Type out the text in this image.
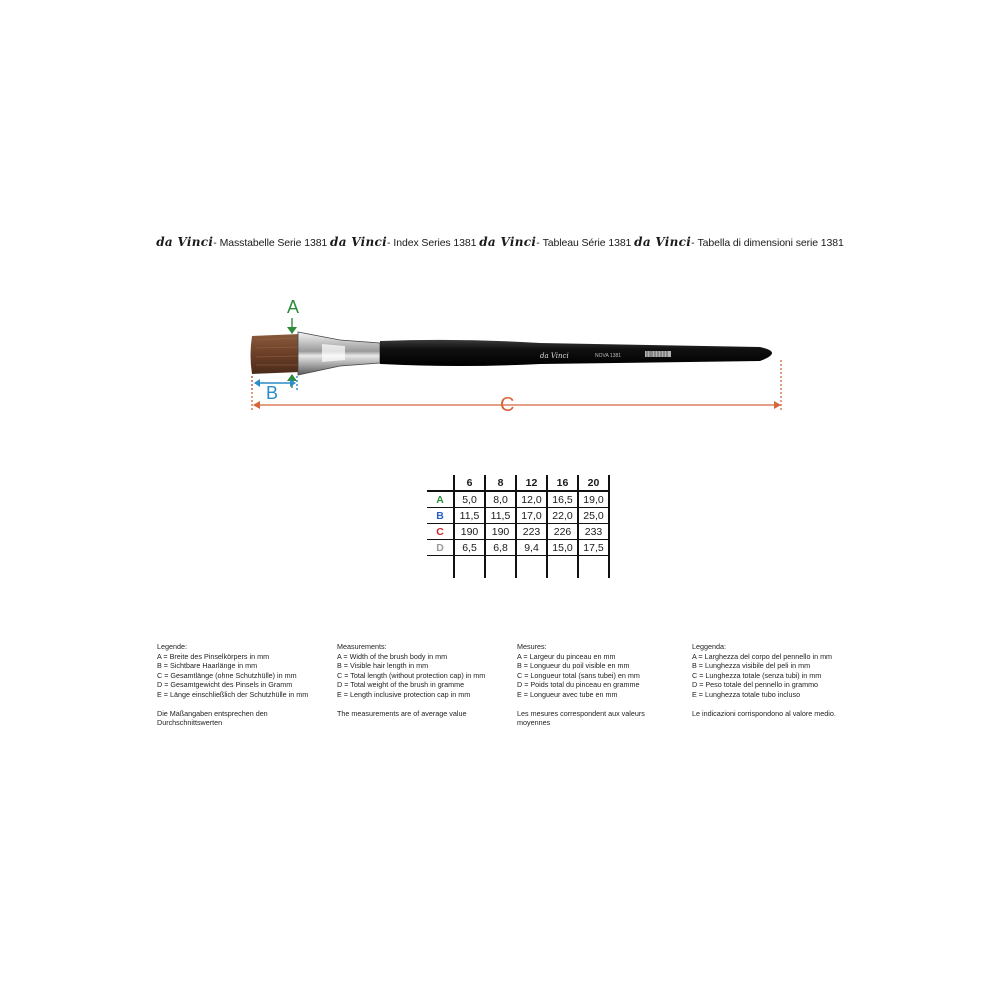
da Vinci- Masstabelle Serie 1381 da Vinci- Index Series 1381 da Vinci- Tableau Série 1381 da Vinci- Tabella di dimensioni serie 1381
da Vinci	NOVA 1381
A
B
C
	6	8	12	16	20
A	5,0	8,0	12,0	16,5	19,0
B	11,5	11,5	17,0	22,0	25,0
C	190	190	223	226	233
D	6,5	6,8	9,4	15,0	17,5

Legende:
A = Breite des Pinselkörpers in mm
B = Sichtbare Haarlänge in mm
C = Gesamtlänge (ohne Schutzhülle) in mm
D = Gesamtgewicht des Pinsels in Gramm
E = Länge einschließlich der Schutzhülle in mm
Die Maßangaben entsprechen den Durchschnittswerten
Measurements:
A = Width of the brush body in mm
B = Visible hair length in mm
C = Total length (without protection cap) in mm
D = Total weight of the brush in gramme
E = Length inclusive protection cap in mm
The measurements are of average value
Mesures:
A = Largeur du pinceau en mm
B = Longueur du poil visible en mm
C = Longueur total (sans tubei) en mm
D = Poids total du pinceau en gramme
E = Longueur avec tube en mm
Les mesures correspondent aux valeurs moyennes
Leggenda:
A = Larghezza del corpo del pennello in mm
B = Lunghezza visibile del peli in mm
C = Lunghezza totale (senza tubi) in mm
D = Peso totale del pennello in grammo
E = Lunghezza totale tubo incluso
Le indicazioni corrispondono al valore medio.
